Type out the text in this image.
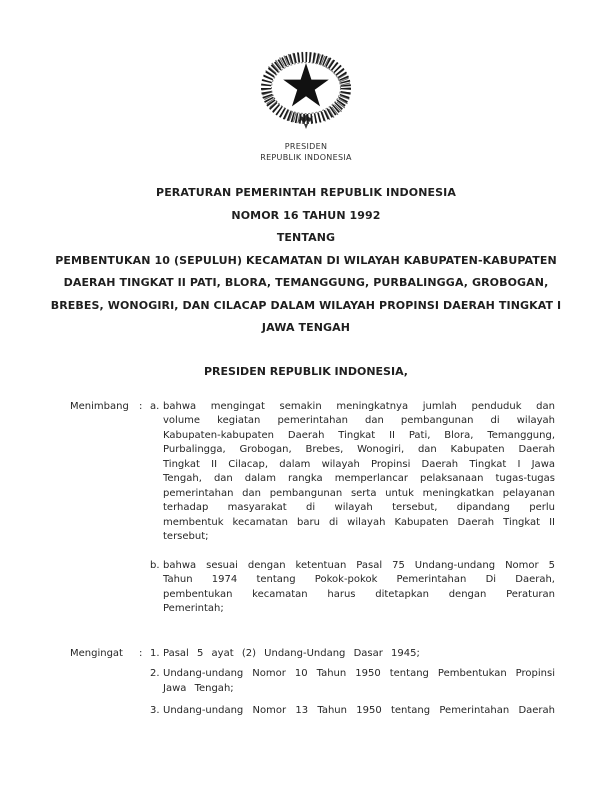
PRESIDEN
REPUBLIK INDONESIA
PERATURAN PEMERINTAH REPUBLIK INDONESIA
NOMOR 16 TAHUN 1992
TENTANG
PEMBENTUKAN 10 (SEPULUH) KECAMATAN DI WILAYAH KABUPATEN-KABUPATEN
DAERAH TINGKAT II PATI, BLORA, TEMANGGUNG, PURBALINGGA, GROBOGAN,
BREBES, WONOGIRI, DAN CILACAP DALAM WILAYAH PROPINSI DAERAH TINGKAT I
JAWA TENGAH
PRESIDEN REPUBLIK INDONESIA,
Menimbang	: a. bahwa mengingat semakin meningkatnya jumlah penduduk dan volume kegiatan pemerintahan dan pembangunan di wilayah Kabupaten-kabupaten Daerah Tingkat II Pati, Blora, Temanggung, Purbalingga, Grobogan, Brebes, Wonogiri, dan Kabupaten Daerah Tingkat II Cilacap, dalam wilayah Propinsi Daerah Tingkat I Jawa Tengah, dan dalam rangka memperlancar pelaksanaan tugas-tugas pemerintahan dan pembangunan serta untuk meningkatkan pelayanan terhadap masyarakat di wilayah tersebut, dipandang perlu membentuk kecamatan baru di wilayah Kabupaten Daerah Tingkat II tersebut;
b. bahwa sesuai dengan ketentuan Pasal 75 Undang-undang Nomor 5 Tahun 1974 tentang Pokok-pokok Pemerintahan Di Daerah, pembentukan kecamatan harus ditetapkan dengan Peraturan Pemerintah;
Mengingat	: 1. Pasal 5 ayat (2) Undang-Undang Dasar 1945;
2. Undang-undang Nomor 10 Tahun 1950 tentang Pembentukan Propinsi Jawa Tengah;
3. Undang-undang Nomor 13 Tahun 1950 tentang Pemerintahan Daerah
